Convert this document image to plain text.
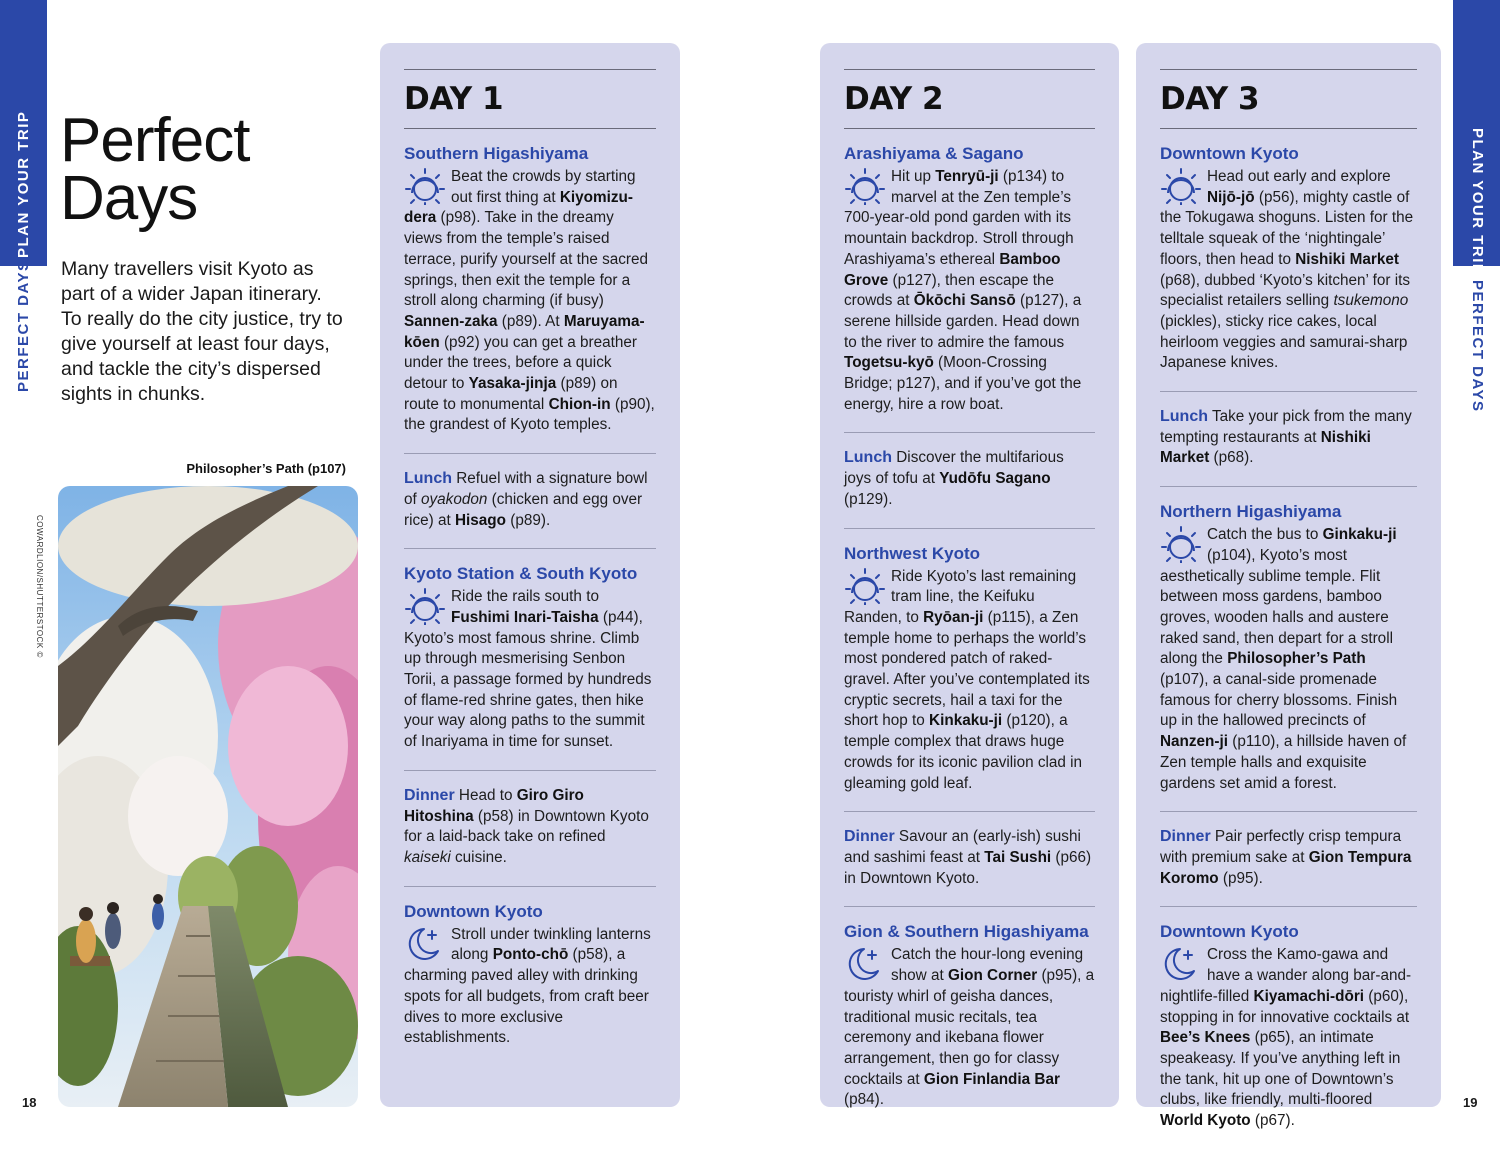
PLAN YOUR TRIP
PERFECT DAYS
PLAN YOUR TRIP
PERFECT DAYS
18	19
Perfect
Days
Many travellers visit Kyoto as part of a wider Japan itinerary. To really do the city justice, try to give yourself at least four days, and tackle the city’s dispersed sights in chunks.
Philosopher’s Path (p107)
COWARDLION/SHUTTERSTOCK ©
DAY 1
Southern Higashiyama
Beat the crowds by starting out first thing at Kiyomizu-dera (p98). Take in the dreamy views from the temple’s raised terrace, purify yourself at the sacred springs, then exit the temple for a stroll along charming (if busy) Sannen-zaka (p89). At Maruyama-kōen (p92) you can get a breather under the trees, before a quick detour to Yasaka-jinja (p89) on route to monumental Chion-in (p90), the grandest of Kyoto temples.
Lunch Refuel with a signature bowl of oyakodon (chicken and egg over rice) at Hisago (p89).
Kyoto Station & South Kyoto
Ride the rails south to Fushimi Inari-Taisha (p44), Kyoto’s most famous shrine. Climb up through mesmerising Senbon Torii, a passage formed by hundreds of flame-red shrine gates, then hike your way along paths to the summit of Inariyama in time for sunset.
Dinner Head to Giro Giro Hitoshina (p58) in Downtown Kyoto for a laid-back take on refined kaiseki cuisine.
Downtown Kyoto
Stroll under twinkling lanterns along Ponto-chō (p58), a charming paved alley with drinking spots for all budgets, from craft beer dives to more exclusive establishments.
DAY 2
Arashiyama & Sagano
Hit up Tenryū-ji (p134) to marvel at the Zen temple’s 700-year-old pond garden with its mountain backdrop. Stroll through Arashiyama’s ethereal Bamboo Grove (p127), then escape the crowds at Ōkōchi Sansō (p127), a serene hillside garden. Head down to the river to admire the famous Togetsu-kyō (Moon-Crossing Bridge; p127), and if you’ve got the energy, hire a row boat.
Lunch Discover the multifarious joys of tofu at Yudōfu Sagano (p129).
Northwest Kyoto
Ride Kyoto’s last remaining tram line, the Keifuku Randen, to Ryōan-ji (p115), a Zen temple home to perhaps the world’s most pondered patch of raked-gravel. After you’ve contemplated its cryptic secrets, hail a taxi for the short hop to Kinkaku-ji (p120), a temple complex that draws huge crowds for its iconic pavilion clad in gleaming gold leaf.
Dinner Savour an (early-ish) sushi and sashimi feast at Tai Sushi (p66) in Downtown Kyoto.
Gion & Southern Higashiyama
Catch the hour-long evening show at Gion Corner (p95), a touristy whirl of geisha dances, traditional music recitals, tea ceremony and ikebana flower arrangement, then go for classy cocktails at Gion Finlandia Bar (p84).
DAY 3
Downtown Kyoto
Head out early and explore Nijō-jō (p56), mighty castle of the Tokugawa shoguns. Listen for the telltale squeak of the ‘nightingale’ floors, then head to Nishiki Market (p68), dubbed ‘Kyoto’s kitchen’ for its specialist retailers selling tsukemono (pickles), sticky rice cakes, local heirloom veggies and samurai-sharp Japanese knives.
Lunch Take your pick from the many tempting restaurants at Nishiki Market (p68).
Northern Higashiyama
Catch the bus to Ginkaku-ji (p104), Kyoto’s most aesthetically sublime temple. Flit between moss gardens, bamboo groves, wooden halls and austere raked sand, then depart for a stroll along the Philosopher’s Path (p107), a canal-side promenade famous for cherry blossoms. Finish up in the hallowed precincts of Nanzen-ji (p110), a hillside haven of Zen temple halls and exquisite gardens set amid a forest.
Dinner Pair perfectly crisp tempura with premium sake at Gion Tempura Koromo (p95).
Downtown Kyoto
Cross the Kamo-gawa and have a wander along bar-and-nightlife-filled Kiyamachi-dōri (p60), stopping in for innovative cocktails at Bee’s Knees (p65), an intimate speakeasy. If you’ve anything left in the tank, hit up one of Downtown’s clubs, like friendly, multi-floored World Kyoto (p67).
